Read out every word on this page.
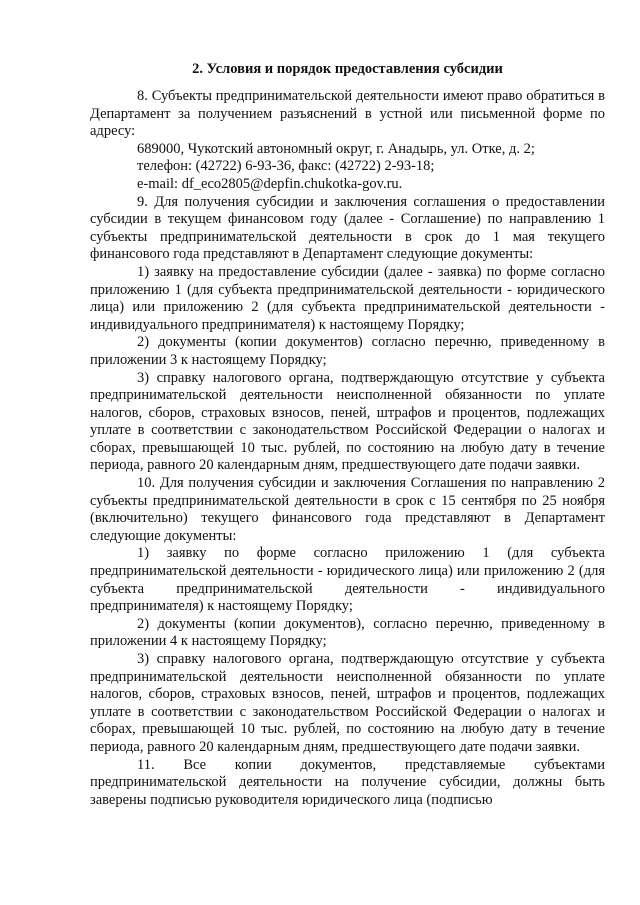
2. Условия и порядок предоставления субсидии

8. Субъекты предпринимательской деятельности имеют право обратиться в Департамент за получением разъяснений в устной или письменной форме по адресу:

689000, Чукотский автономный округ, г. Анадырь, ул. Отке, д. 2;

телефон: (42722) 6-93-36, факс: (42722) 2-93-18;

e-mail: df_eco2805@depfin.chukotka-gov.ru.

9. Для получения субсидии и заключения соглашения о предоставлении субсидии в текущем финансовом году (далее - Соглашение) по направлению 1 субъекты предпринимательской деятельности в срок до 1 мая текущего финансового года представляют в Департамент следующие документы:

1) заявку на предоставление субсидии (далее - заявка) по форме согласно приложению 1 (для субъекта предпринимательской деятельности - юридического лица) или приложению 2 (для субъекта предпринимательской деятельности - индивидуального предпринимателя) к настоящему Порядку;

2) документы (копии документов) согласно перечню, приведенному в приложении 3 к настоящему Порядку;

3) справку налогового органа, подтверждающую отсутствие у субъекта предпринимательской деятельности неисполненной обязанности по уплате налогов, сборов, страховых взносов, пеней, штрафов и процентов, подлежащих уплате в соответствии с законодательством Российской Федерации о налогах и сборах, превышающей 10 тыс. рублей, по состоянию на любую дату в течение периода, равного 20 календарным дням, предшествующего дате подачи заявки.

10. Для получения субсидии и заключения Соглашения по направлению 2 субъекты предпринимательской деятельности в срок с 15 сентября по 25 ноября (включительно) текущего финансового года представляют в Департамент следующие документы:

1) заявку по форме согласно приложению 1 (для субъекта предпринимательской деятельности - юридического лица) или приложению 2 (для субъекта предпринимательской деятельности - индивидуального предпринимателя) к настоящему Порядку;

2) документы (копии документов), согласно перечню, приведенному в приложении 4 к настоящему Порядку;

3) справку налогового органа, подтверждающую отсутствие у субъекта предпринимательской деятельности неисполненной обязанности по уплате налогов, сборов, страховых взносов, пеней, штрафов и процентов, подлежащих уплате в соответствии с законодательством Российской Федерации о налогах и сборах, превышающей 10 тыс. рублей, по состоянию на любую дату в течение периода, равного 20 календарным дням, предшествующего дате подачи заявки.

11. Все копии документов, представляемые субъектами предпринимательской деятельности на получение субсидии, должны быть заверены подписью руководителя юридического лица (подписью
